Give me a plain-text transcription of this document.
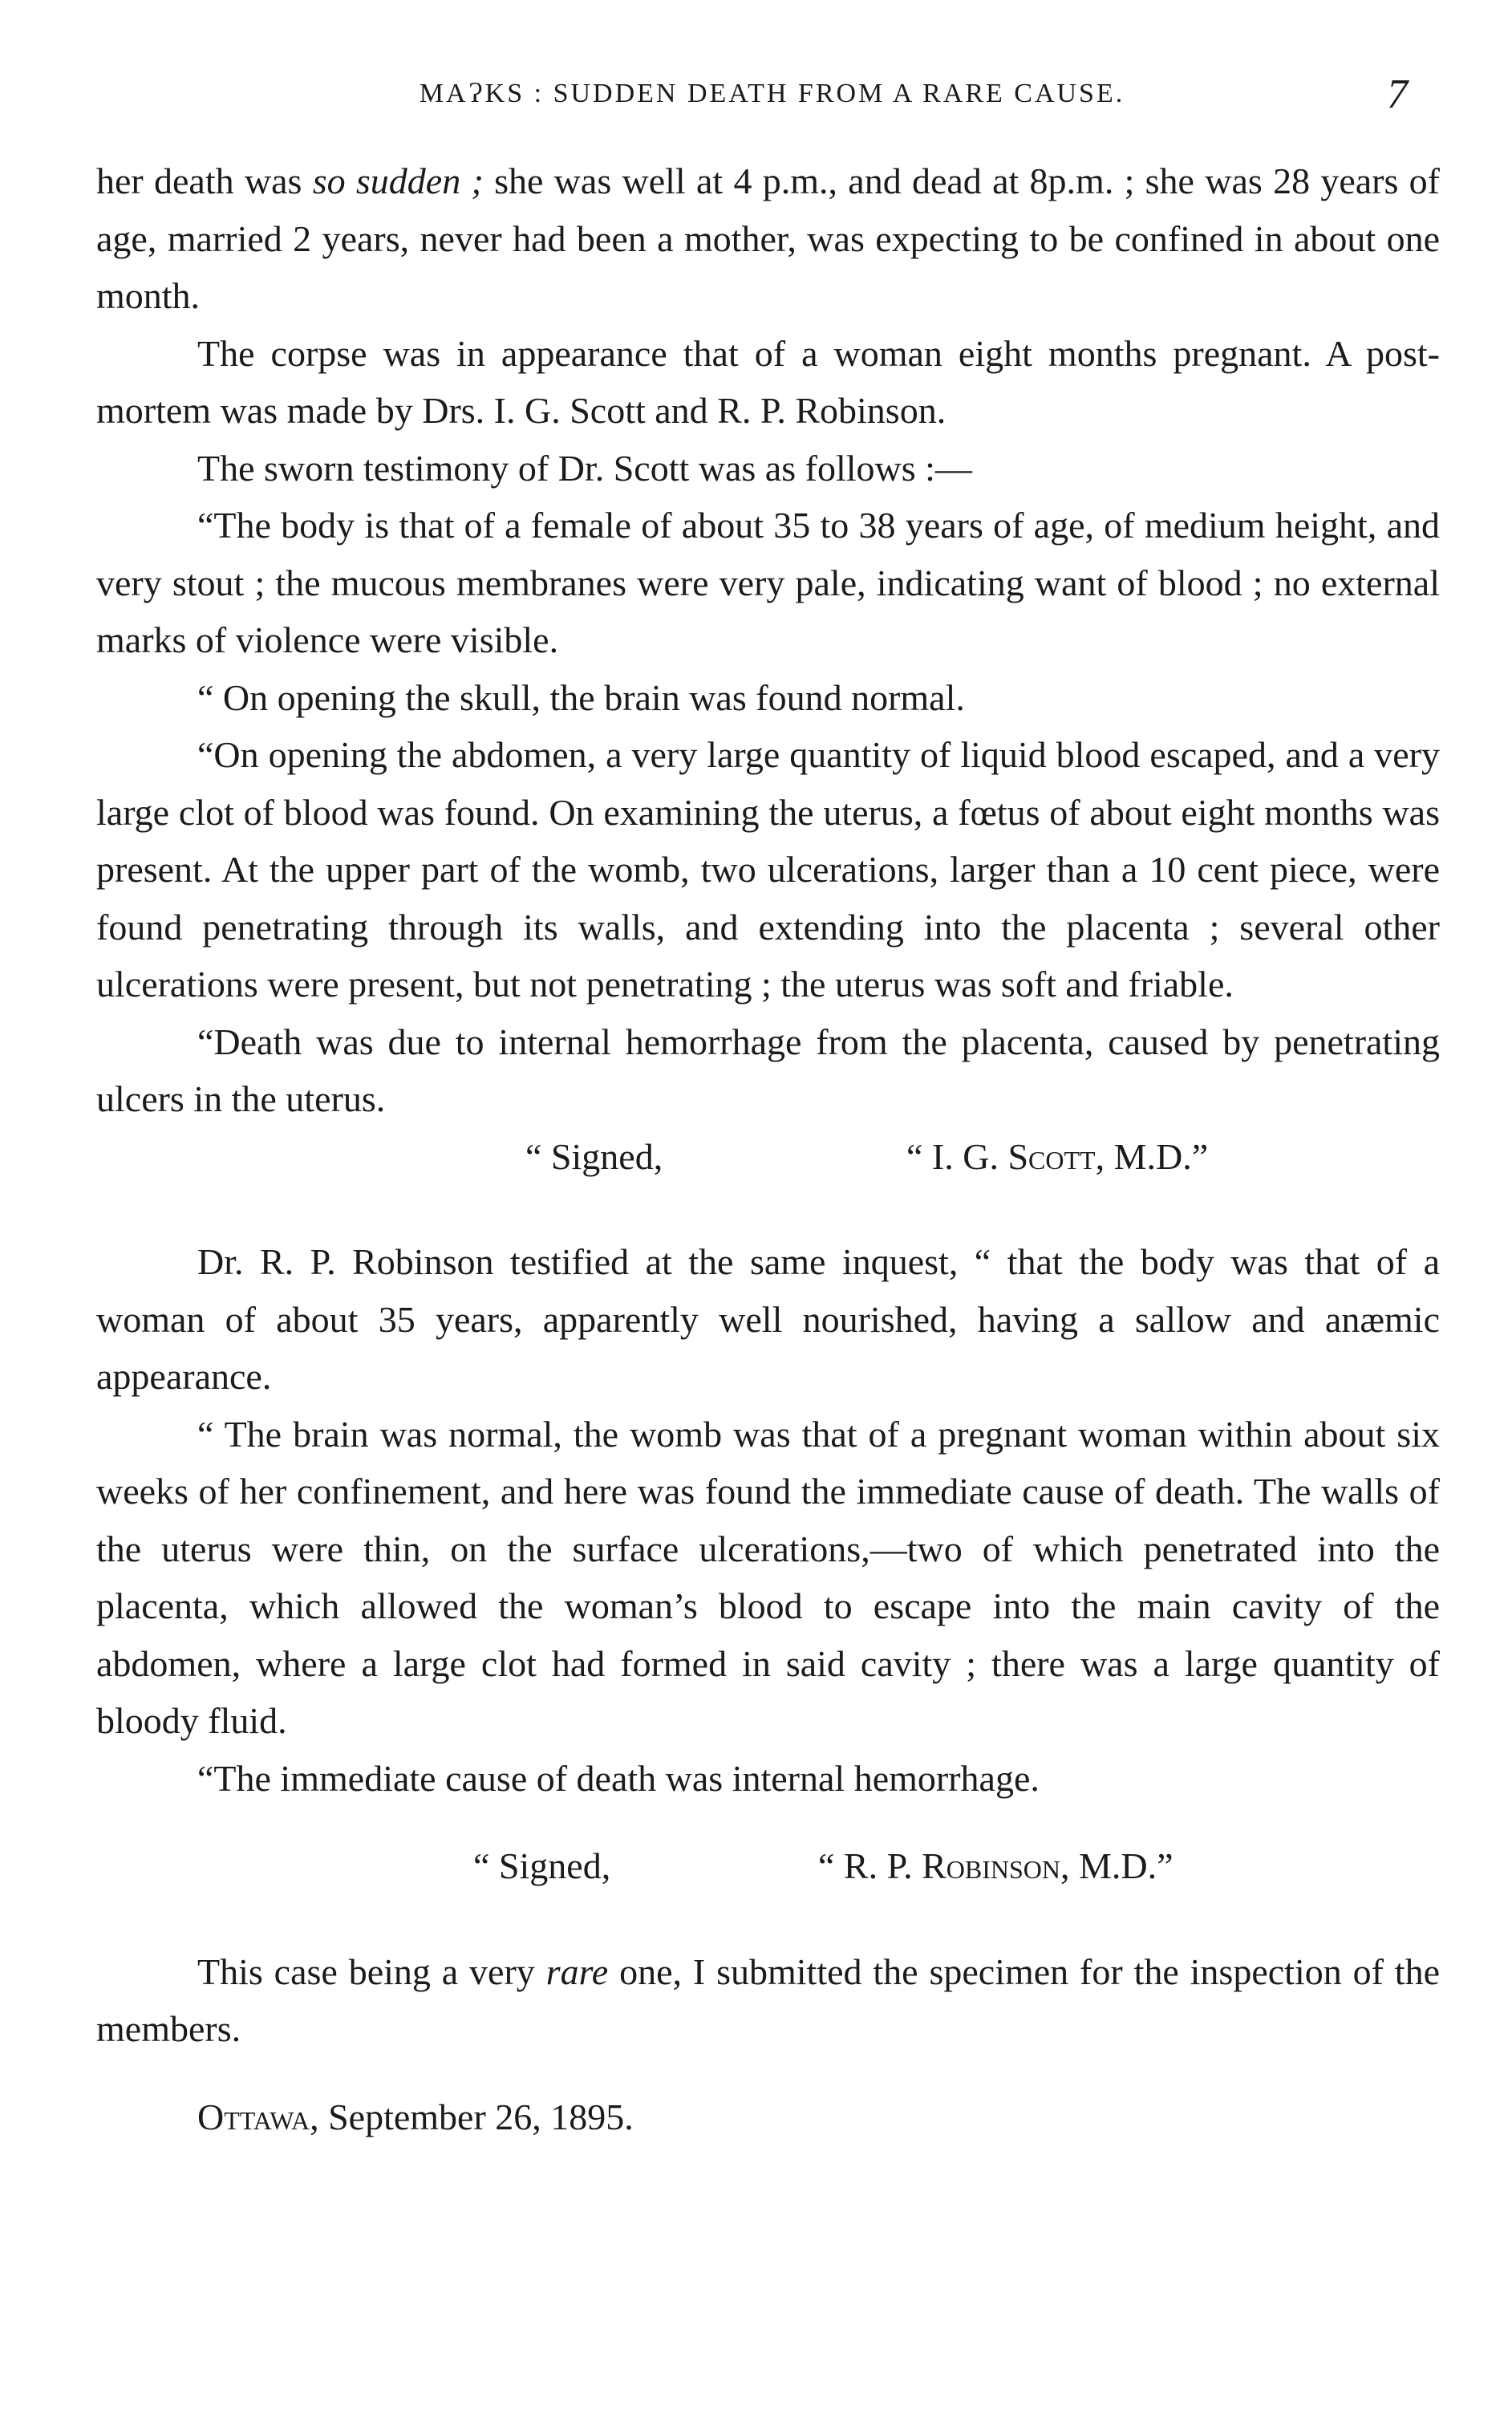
MAɁKS : SUDDEN DEATH FROM A RARE CAUSE.	7

her death was so sudden ; she was well at 4 p.m., and dead at 8p.m. ; she was 28 years of age, married 2 years, never had been a mother, was expecting to be confined in about one month.

The corpse was in appearance that of a woman eight months pregnant. A post-mortem was made by Drs. I. G. Scott and R. P. Robinson.

The sworn testimony of Dr. Scott was as follows :—

“The body is that of a female of about 35 to 38 years of age, of medium height, and very stout ; the mucous membranes were very pale, indicating want of blood ; no external marks of violence were visible.

“ On opening the skull, the brain was found normal.

“On opening the abdomen, a very large quantity of liquid blood escaped, and a very large clot of blood was found. On examining the uterus, a fœtus of about eight months was present. At the upper part of the womb, two ulcerations, larger than a 10 cent piece, were found penetrating through its walls, and extending into the placenta ; several other ulcerations were present, but not penetrating ; the uterus was soft and friable.

“Death was due to internal hemorrhage from the placenta, caused by penetrating ulcers in the uterus.

“ Signed,	“ I. G. Scott, M.D.”

Dr. R. P. Robinson testified at the same inquest, “ that the body was that of a woman of about 35 years, apparently well nourished, having a sallow and anæmic appearance.

“ The brain was normal, the womb was that of a pregnant woman within about six weeks of her confinement, and here was found the immediate cause of death. The walls of the uterus were thin, on the surface ulcerations,—two of which penetrated into the placenta, which allowed the woman’s blood to escape into the main cavity of the abdomen, where a large clot had formed in said cavity ; there was a large quantity of bloody fluid.

“The immediate cause of death was internal hemorrhage.

“ Signed,	“ R. P. Robinson, M.D.”

This case being a very rare one, I submitted the specimen for the inspection of the members.

Ottawa, September 26, 1895.
